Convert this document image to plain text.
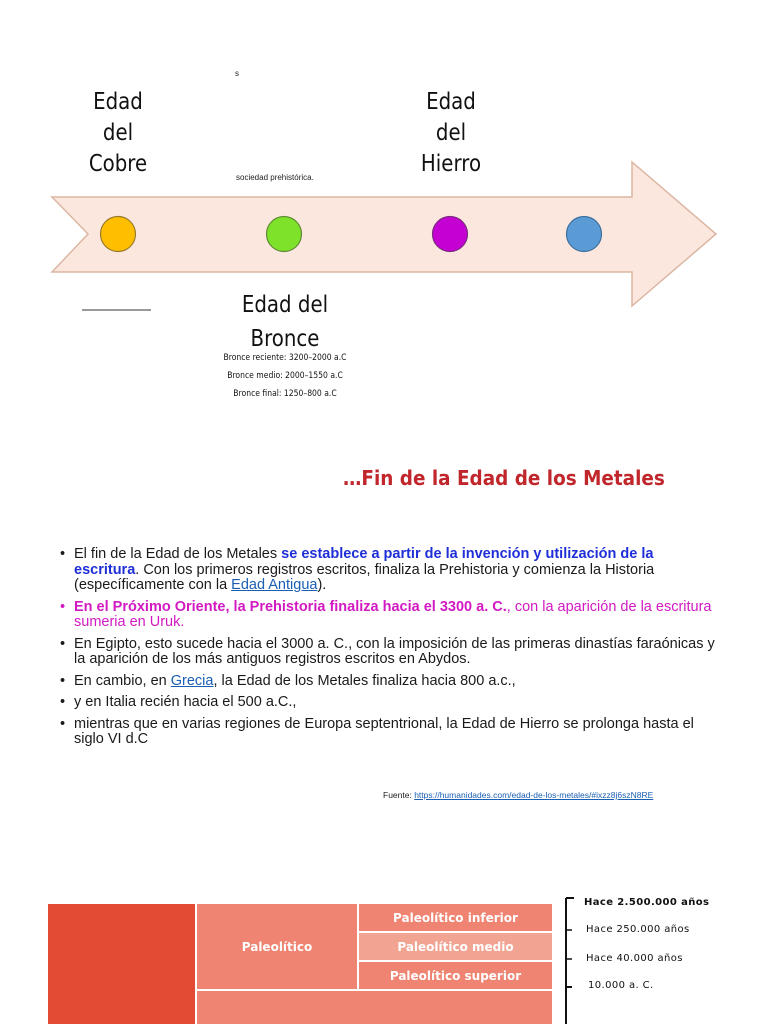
s
sociedad prehistórica.
Edad
del
Cobre
Edad
del
Hierro
Edad del
Bronce
Bronce reciente: 3200–2000 a.C
Bronce medio: 2000–1550 a.C
Bronce final: 1250–800 a.C
…Fin de la Edad de los Metales
• El fin de la Edad de los Metales se establece a partir de la invención y utilización de la escritura. Con los primeros registros escritos, finaliza la Prehistoria y comienza la Historia (específicamente con la Edad Antigua).
• En el Próximo Oriente, la Prehistoria finaliza hacia el 3300 a. C., con la aparición de la escritura sumeria en Uruk.
• En Egipto, esto sucede hacia el 3000 a. C., con la imposición de las primeras dinastías faraónicas y la aparición de los más antiguos registros escritos en Abydos.
• En cambio, en Grecia, la Edad de los Metales finaliza hacia 800 a.c.,
• y en Italia recién hacia el 500 a.C.,
• mientras que en varias regiones de Europa septentrional, la Edad de Hierro se prolonga hasta el siglo VI d.C
Fuente: https://humanidades.com/edad-de-los-metales/#ixzz8j6szN8RE
Paleolítico
Paleolítico inferior
Paleolítico medio
Paleolítico superior
Hace 2.500.000 años
Hace 250.000 años
Hace 40.000 años
10.000 a. C.
